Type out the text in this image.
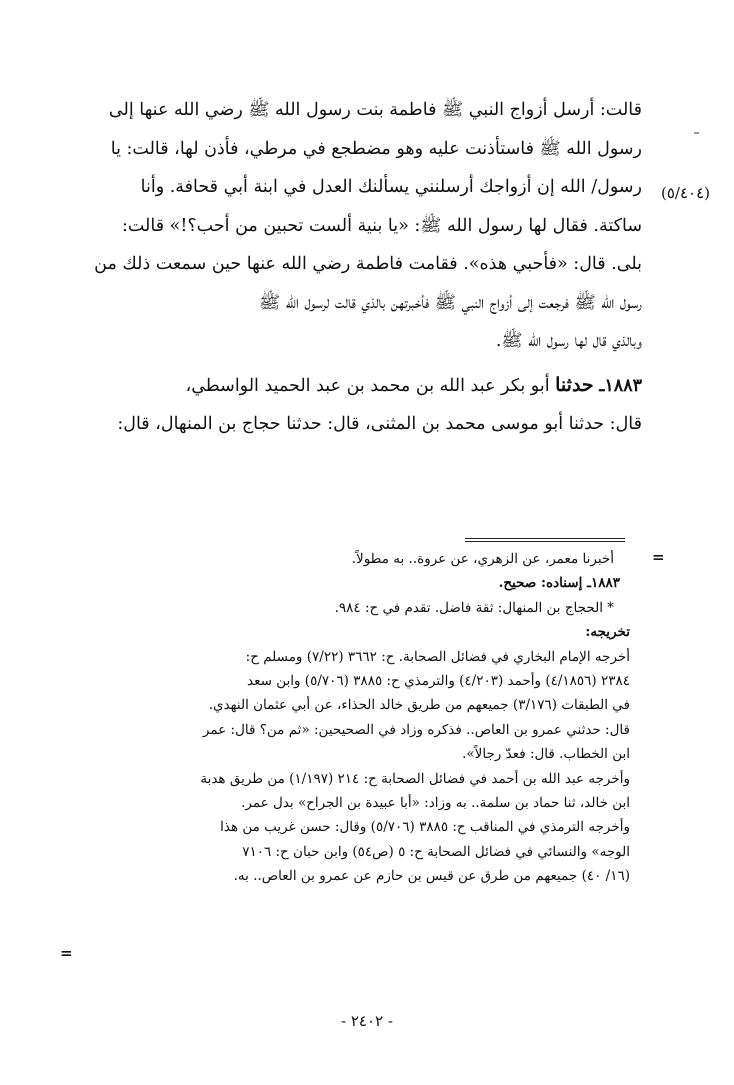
قالت: أرسل أزواج النبي ﷺ فاطمة بنت رسول الله ﷺ رضي الله عنها إلى
رسول الله ﷺ فاستأذنت عليه وهو مضطجع في مرطي، فأذن لها، قالت: يا
رسول/ الله إن أزواجك أرسلنني يسألنك العدل في ابنة أبي قحافة. وأنا
ساكتة. فقال لها رسول الله ﷺ: «يا بنية ألست تحبين من أحب؟!» قالت:
بلى. قال: «فأحبي هذه». فقامت فاطمة رضي الله عنها حين سمعت ذلك من
رسول الله ﷺ فرجعت إلى أزواج النبي ﷺ فأخبرتهن بالذي قالت لرسول الله ﷺ
وبالذي قال لها رسول الله ﷺ.
١٨٨٣ـ حدثنا أبو بكر عبد الله بن محمد بن عبد الحميد الواسطي،
قال: حدثنا أبو موسى محمد بن المثنى، قال: حدثنا حجاج بن المنهال، قال:
(٥/٤٠٤)
=
=
أخبرنا معمر، عن الزهري، عن عروة.. به مطولاً.
١٨٨٣ـ إسناده: صحيح.
* الحجاج بن المنهال: ثقة فاضل. تقدم في ح: ٩٨٤.
تخريجه:
أخرجه الإمام البخاري في فضائل الصحابة. ح: ٣٦٦٢ (٧/٢٢) ومسلم ح:
٢٣٨٤ (٤/١٨٥٦) وأحمد (٤/٢٠٣) والترمذي ح: ٣٨٨٥ (٥/٧٠٦) وابن سعد
في الطبقات (٣/١٧٦) جميعهم من طريق خالد الحذاء، عن أبي عثمان النهدي.
قال: حدثني عمرو بن العاص.. فذكره وزاد في الصحيحين: «ثم من؟ قال: عمر
ابن الخطاب. قال: فعدّ رجالاً».
وأخرجه عبد الله بن أحمد في فضائل الصحابة ح: ٢١٤ (١/١٩٧) من طريق هدبة
ابن خالد، ثنا حماد بن سلمة.. به وزاد: «أبا عبيدة بن الجراح» بدل عمر.
وأخرجه الترمذي في المناقب ح: ٣٨٨٥ (٥/٧٠٦) وقال: حسن غريب من هذا
الوجه» والنسائي في فضائل الصحابة ح: ٥ (ص٥٤) وابن حبان ح: ٧١٠٦
(١٦/ ٤٠) جميعهم من طرق عن قيس بن حازم عن عمرو بن العاص.. به.
- ٢٤٠٢ -
